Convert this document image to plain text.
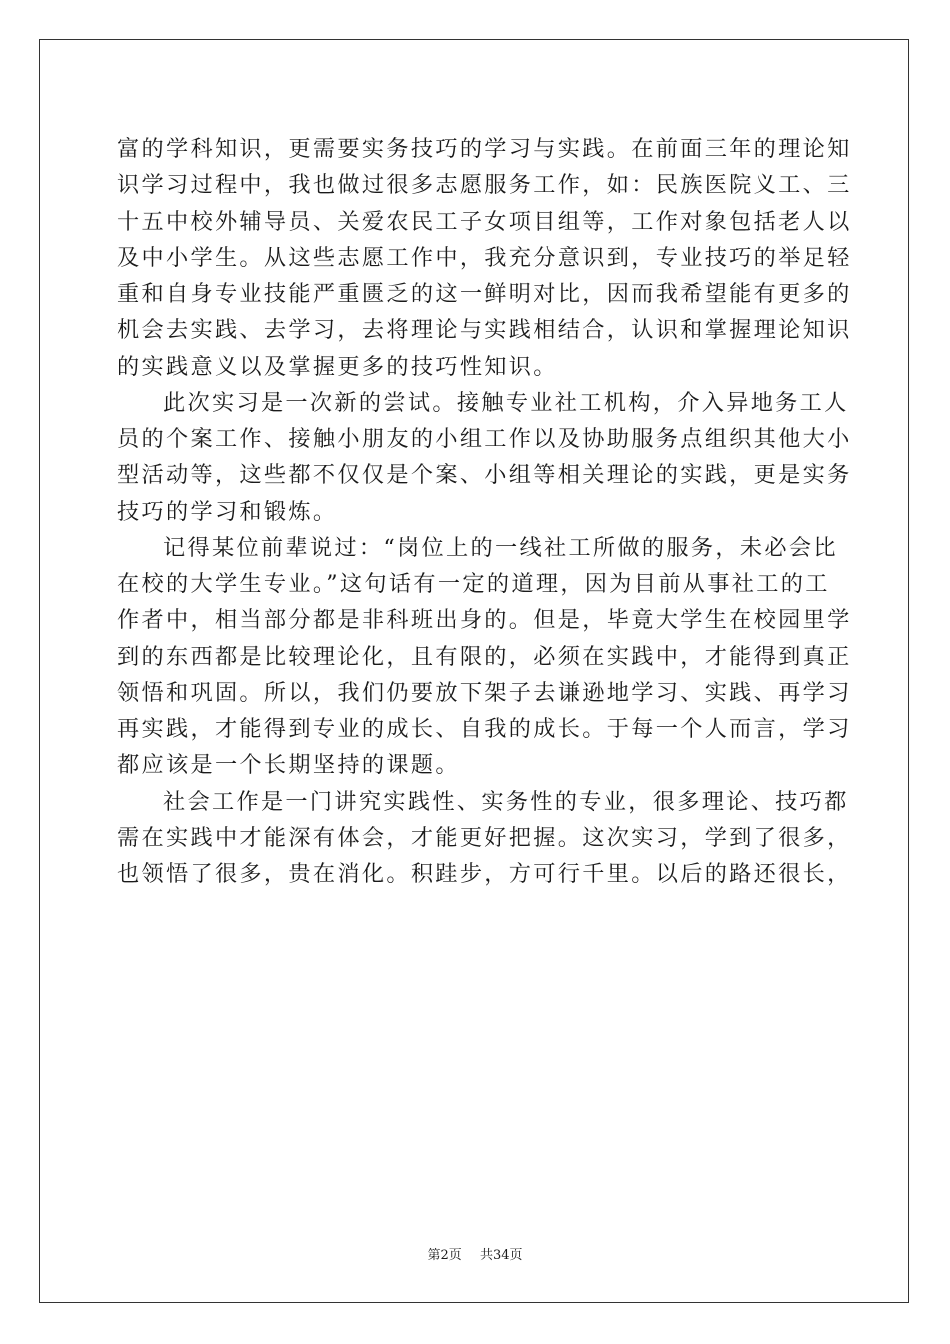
富的学科知识，更需要实务技巧的学习与实践。在前面三年的理论知
识学习过程中，我也做过很多志愿服务工作，如：民族医院义工、三
十五中校外辅导员、关爱农民工子女项目组等，工作对象包括老人以
及中小学生。从这些志愿工作中，我充分意识到，专业技巧的举足轻
重和自身专业技能严重匮乏的这一鲜明对比，因而我希望能有更多的
机会去实践、去学习，去将理论与实践相结合，认识和掌握理论知识
的实践意义以及掌握更多的技巧性知识。
此次实习是一次新的尝试。接触专业社工机构，介入异地务工人
员的个案工作、接触小朋友的小组工作以及协助服务点组织其他大小
型活动等，这些都不仅仅是个案、小组等相关理论的实践，更是实务
技巧的学习和锻炼。
记得某位前辈说过：“岗位上的一线社工所做的服务，未必会比
在校的大学生专业。”这句话有一定的道理，因为目前从事社工的工
作者中，相当部分都是非科班出身的。但是，毕竟大学生在校园里学
到的东西都是比较理论化，且有限的，必须在实践中，才能得到真正
领悟和巩固。所以，我们仍要放下架子去谦逊地学习、实践、再学习
再实践，才能得到专业的成长、自我的成长。于每一个人而言，学习
都应该是一个长期坚持的课题。
社会工作是一门讲究实践性、实务性的专业，很多理论、技巧都
需在实践中才能深有体会，才能更好把握。这次实习，学到了很多，
也领悟了很多，贵在消化。积跬步，方可行千里。以后的路还很长，
第2页 共34页
